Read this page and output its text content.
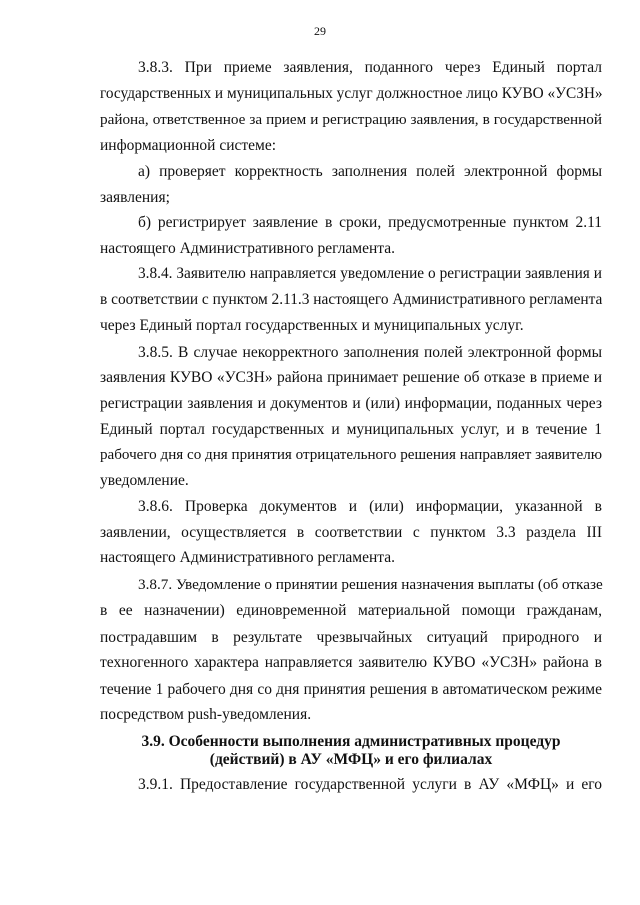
29
3.8.3. При приеме заявления, поданного через Единый портал
государственных и муниципальных услуг должностное лицо КУВО «УСЗН»
района, ответственное за прием и регистрацию заявления, в государственной
информационной системе:
а) проверяет корректность заполнения полей электронной формы
заявления;
б) регистрирует заявление в сроки, предусмотренные пунктом 2.11
настоящего Административного регламента.
3.8.4. Заявителю направляется уведомление о регистрации заявления и
в соответствии с пунктом 2.11.3 настоящего Административного регламента
через Единый портал государственных и муниципальных услуг.
3.8.5. В случае некорректного заполнения полей электронной формы
заявления КУВО «УСЗН» района принимает решение об отказе в приеме и
регистрации заявления и документов и (или) информации, поданных через
Единый портал государственных и муниципальных услуг, и в течение 1
рабочего дня со дня принятия отрицательного решения направляет заявителю
уведомление.
3.8.6. Проверка документов и (или) информации, указанной в
заявлении, осуществляется в соответствии с пунктом 3.3 раздела III
настоящего Административного регламента.
3.8.7. Уведомление о принятии решения назначения выплаты (об отказе
в ее назначении) единовременной материальной помощи гражданам,
пострадавшим в результате чрезвычайных ситуаций природного и
техногенного характера направляется заявителю КУВО «УСЗН» района в
течение 1 рабочего дня со дня принятия решения в автоматическом режиме
посредством push-уведомления.
3.9. Особенности выполнения административных процедур
(действий) в АУ «МФЦ» и его филиалах
3.9.1. Предоставление государственной услуги в АУ «МФЦ» и его
